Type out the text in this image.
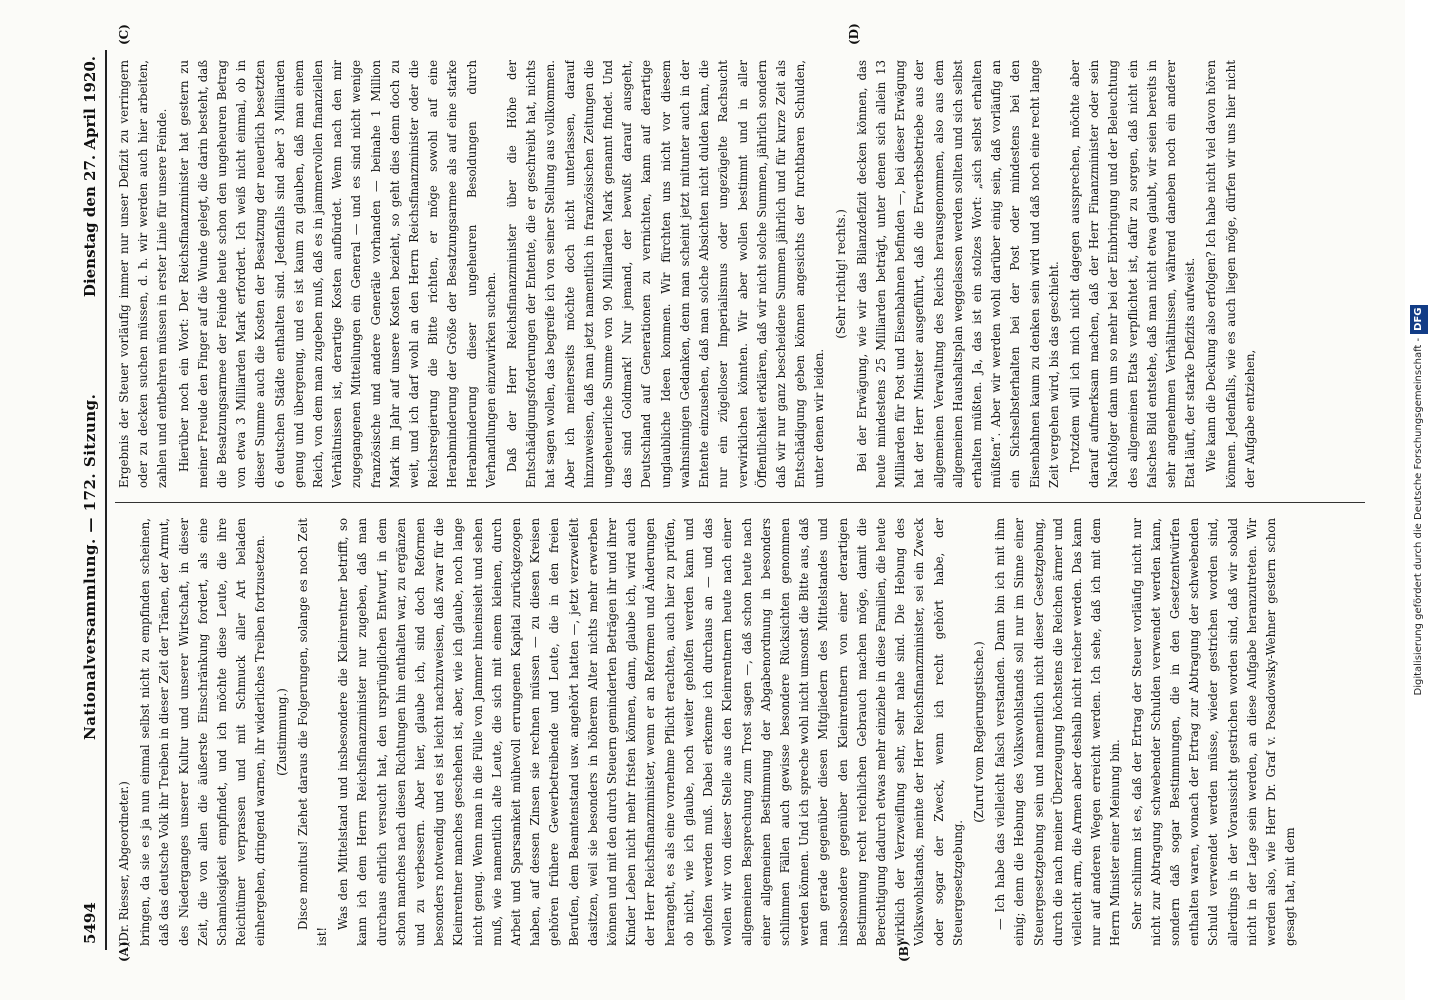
5494
Nationalversammlung. — 172. Sitzung.
Dienstag den 27. April 1920.
(A)	(B)
(C)	(D)

(Dr. Riesser, Abgeordneter.) bringen, da sie es ja nun einmal selbst nicht zu empfinden scheinen, daß das deutsche Volk ihr Treiben in dieser Zeit der Tränen, der Armut, des Niederganges unserer Kultur und unserer Wirtschaft, in dieser Zeit, die von allen die äußerste Einschränkung fordert, als eine Schamlosigkeit empfindet, und ich möchte diese Leute, die ihre Reichtümer verprassen und mit Schmuck aller Art beladen einhergehen, dringend warnen, ihr widerliches Treiben fortzusetzen. (Zustimmung.) Disce monitus! Ziehet daraus die Folgerungen, solange es noch Zeit ist!

Was den Mittelstand und insbesondere die Kleinrentner betrifft, so kann ich dem Herrn Reichsfinanzminister nur zugeben, daß man durchaus ehrlich versucht hat, den ursprünglichen Entwurf, in dem schon manches nach diesen Richtungen hin enthalten war, zu ergänzen und zu verbessern. Aber hier, glaube ich, sind doch Reformen besonders notwendig und es ist leicht nachzuweisen, daß zwar für die Kleinrentner manches geschehen ist, aber, wie ich glaube, noch lange nicht genug. Wenn man in die Fülle von Jammer hineinsieht und sehen muß, wie namentlich alte Leute, die sich mit einem kleinen, durch Arbeit und Sparsamkeit mühevoll errungenen Kapital zurückgezogen haben, auf dessen Zinsen sie rechnen müssen — zu diesen Kreisen gehören frühere Gewerbetreibende und Leute, die in den freien Berufen, dem Beamtenstand usw. angehört hatten —, jetzt verzweifelt dasitzen, weil sie besonders in höherem Alter nichts mehr erwerben können und mit den durch Steuern geminderten Beträgen ihr und ihrer Kinder Leben nicht mehr fristen können, dann, glaube ich, wird auch der Herr Reichsfinanzminister, wenn er an Reformen und Änderungen herangeht, es als eine vornehme Pflicht erachten, auch hier zu prüfen, ob nicht, wie ich glaube, noch weiter geholfen werden kann und geholfen werden muß. Dabei erkenne ich durchaus an — und das wollen wir von dieser Stelle aus den Kleinrentnern heute nach einer allgemeinen Besprechung zum Trost sagen —, daß schon heute nach einer allgemeinen Bestimmung der Abgabenordnung in besonders schlimmen Fällen auch gewisse besondere Rücksichten genommen werden können. Und ich spreche wohl nicht umsonst die Bitte aus, daß man gerade gegenüber diesen Mitgliedern des Mittelstandes und insbesondere gegenüber den Kleinrentnern von einer derartigen Bestimmung recht reichlichen Gebrauch machen möge, damit die Berechtigung dadurch etwas mehr einziehe in diese Familien, die heute wirklich der Verzweiflung sehr, sehr nahe sind. Die Hebung des Volkswohlstands, meinte der Herr Reichsfinanzminister, sei ein Zweck oder sogar der Zweck, wenn ich recht gehört habe, der Steuergesetzgebung.

(Zuruf vom Regierungstische.) — Ich habe das vielleicht falsch verstanden. Dann bin ich mit ihm einig; denn die Hebung des Volkswohlstands soll nur im Sinne einer Steuergesetzgebung sein und namentlich nicht dieser Gesetzgebung, durch die nach meiner Überzeugung höchstens die Reichen ärmer und vielleicht arm, die Armen aber deshalb nicht reicher werden. Das kann nur auf anderen Wegen erreicht werden. Ich sehe, daß ich mit dem Herrn Minister einer Meinung bin. Sehr schlimm ist es, daß der Ertrag der Steuer vorläufig nicht nur nicht zur Abtragung schwebender Schulden verwendet werden kann, sondern daß sogar Bestimmungen, die in den Gesetzentwürfen enthalten waren, wonach der Ertrag zur Abtragung der schwebenden Schuld verwendet werden müsse, wieder gestrichen worden sind, allerdings in der Voraussicht gestrichen worden sind, daß wir sobald nicht in der Lage sein werden, an diese Aufgabe heranzutreten. Wir werden also, wie Herr Dr. Graf v. Posadowsky-Wehner gestern schon gesagt hat, mit dem

Ergebnis der Steuer vorläufig immer nur unser Defizit zu verringern oder zu decken suchen müssen, d. h. wir werden auch hier arbeiten, zahlen und entbehren müssen in erster Linie für unsere Feinde. Hierüber noch ein Wort: Der Reichsfinanzminister hat gestern zu meiner Freude den Finger auf die Wunde gelegt, die darin besteht, daß die Besatzungsarmee der Feinde heute schon den ungeheuren Betrag von etwa 3 Milliarden Mark erfordert. Ich weiß nicht einmal, ob in dieser Summe auch die Kosten der Besatzung der neuerlich besetzten 6 deutschen Städte enthalten sind. Jedenfalls sind aber 3 Milliarden genug und übergenug, und es ist kaum zu glauben, daß man einem Reich, von dem man zugeben muß, daß es in jammervollen finanziellen Verhältnissen ist, derartige Kosten aufbürdet. Wenn nach den mir zugegangenen Mitteilungen ein General — und es sind nicht wenige französische und andere Generäle vorhanden — beinahe 1 Million Mark im Jahr auf unsere Kosten bezieht, so geht dies denn doch zu weit, und ich darf wohl an den Herrn Reichsfinanzminister oder die Reichsregierung die Bitte richten, er möge sowohl auf eine Herabminderung der Größe der Besatzungsarmee als auf eine starke Herabminderung dieser ungeheuren Besoldungen durch Verhandlungen einzuwirken suchen. Daß der Herr Reichsfinanzminister über die Höhe der Entschädigungsforderungen der Entente, die er geschreibt hat, nichts hat sagen wollen, das begreife ich von seiner Stellung aus vollkommen. Aber ich meinerseits möchte doch nicht unterlassen, darauf hinzuweisen, daß man jetzt namentlich in französischen Zeitungen die ungeheuerliche Summe von 90 Milliarden Mark genannt findet. Und das sind Goldmark! Nur jemand, der bewußt darauf ausgeht, Deutschland auf Generationen zu vernichten, kann auf derartige unglaubliche Ideen kommen. Wir fürchten uns nicht vor diesem wahnsinnigen Gedanken, denn man scheint jetzt mitunter auch in der Entente einzusehen, daß man solche Absichten nicht dulden kann, die nur ein zügelloser Imperialismus oder ungezügelte Rachsucht verwirklichen könnten. Wir aber wollen bestimmt und in aller Öffentlichkeit erklären, daß wir nicht solche Summen, jährlich sondern daß wir nur ganz bescheidene Summen jährlich und für kurze Zeit als Entschädigung geben können angesichts der furchtbaren Schulden, unter denen wir leiden.

(Sehr richtig! rechts.) Bei der Erwägung, wie wir das Bilanzdefizit decken können, das heute mindestens 25 Milliarden beträgt, unter denen sich allein 13 Milliarden für Post und Eisenbahnen befinden —, bei dieser Erwägung hat der Herr Minister ausgeführt, daß die Erwerbsbetriebe aus der allgemeinen Verwaltung des Reichs herausgenommen, also aus dem allgemeinen Haushaltsplan weggelassen werden sollten und sich selbst erhalten müßten. Ja, das ist ein stolzes Wort: „sich selbst erhalten müßten“. Aber wir werden wohl darüber einig sein, daß vorläufig an ein Sichselbsterhalten bei der Post oder mindestens bei den Eisenbahnen kaum zu denken sein wird und daß noch eine recht lange Zeit vergehen wird, bis das geschieht. Trotzdem will ich mich nicht dagegen aussprechen, möchte aber darauf aufmerksam machen, daß der Herr Finanzminister oder sein Nachfolger dann um so mehr bei der Einbringung und der Beleuchtung des allgemeinen Etats verpflichtet ist, dafür zu sorgen, daß nicht ein falsches Bild entstehe, daß man nicht etwa glaubt, wir seien bereits in sehr angenehmen Verhältnissen, während daneben noch ein anderer Etat läuft, der starke Defizits aufweist. Wie kann die Deckung also erfolgen? Ich habe nicht viel davon hören können. Jedenfalls, wie es auch liegen möge, dürfen wir uns hier nicht der Aufgabe entziehen,	Digitalisierung gefördert durch die Deutsche Forschungsgemeinschaft -DFG
